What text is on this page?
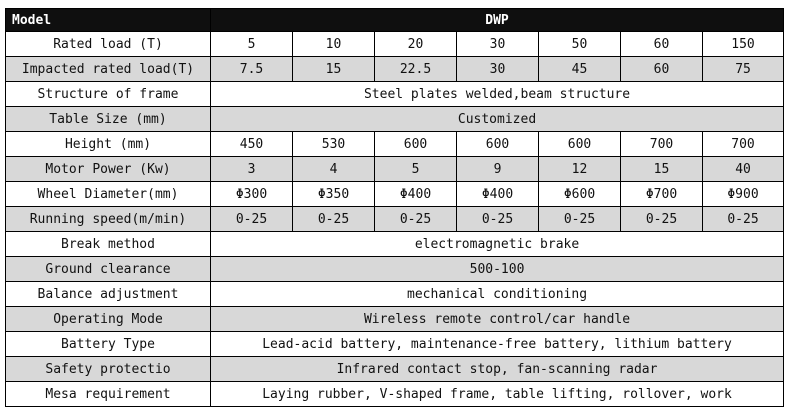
Model	DWP						
Rated load (T)	5	10	20	30	50	60	150
Impacted rated load(T)	7.5	15	22.5	30	45	60	75
Structure of frame	Steel plates welded,beam structure						
Table Size (mm)	Customized						
Height (mm)	450	530	600	600	600	700	700
Motor Power (Kw)	3	4	5	9	12	15	40
Wheel Diameter(mm)	Φ300	Φ350	Φ400	Φ400	Φ600	Φ700	Φ900
Running speed(m/min)	0-25	0-25	0-25	0-25	0-25	0-25	0-25
Break method	electromagnetic brake						
Ground clearance	500-100						
Balance adjustment	mechanical conditioning						
Operating Mode	Wireless remote control/car handle						
Battery Type	Lead-acid battery, maintenance-free battery, lithium battery						
Safety protectio	Infrared contact stop, fan-scanning radar						
Mesa requirement	Laying rubber, V-shaped frame, table lifting, rollover, work						
